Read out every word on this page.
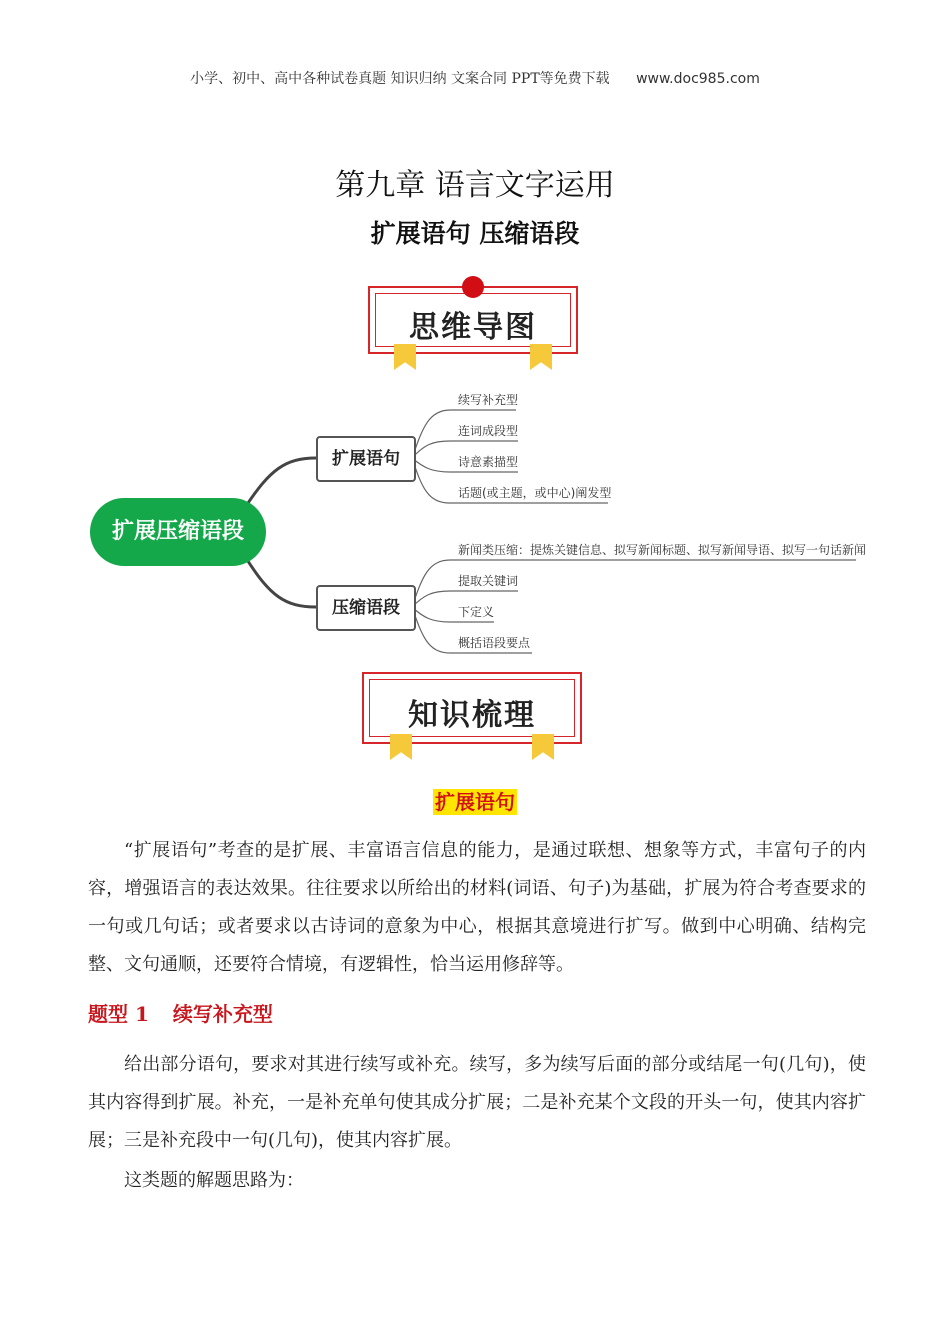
小学、初中、高中各种试卷真题 知识归纳 文案合同 PPT等免费下载 www.doc985.com
第九章 语言文字运用
扩展语句 压缩语段
思维导图
扩展压缩语段
扩展语句
压缩语段
续写补充型
连词成段型
诗意素描型
话题(或主题，或中心)阐发型
新闻类压缩：提炼关键信息、拟写新闻标题、拟写新闻导语、拟写一句话新闻
提取关键词
下定义
概括语段要点
知识梳理
扩展语句
“扩展语句”考查的是扩展、丰富语言信息的能力，是通过联想、想象等方式，丰富句子的内容，增强语言的表达效果。往往要求以所给出的材料(词语、句子)为基础，扩展为符合考查要求的一句或几句话；或者要求以古诗词的意象为中心，根据其意境进行扩写。做到中心明确、结构完整、文句通顺，还要符合情境，有逻辑性，恰当运用修辞等。
题型 1 续写补充型
给出部分语句，要求对其进行续写或补充。续写，多为续写后面的部分或结尾一句(几句)，使其内容得到扩展。补充，一是补充单句使其成分扩展；二是补充某个文段的开头一句，使其内容扩展；三是补充段中一句(几句)，使其内容扩展。
这类题的解题思路为：
